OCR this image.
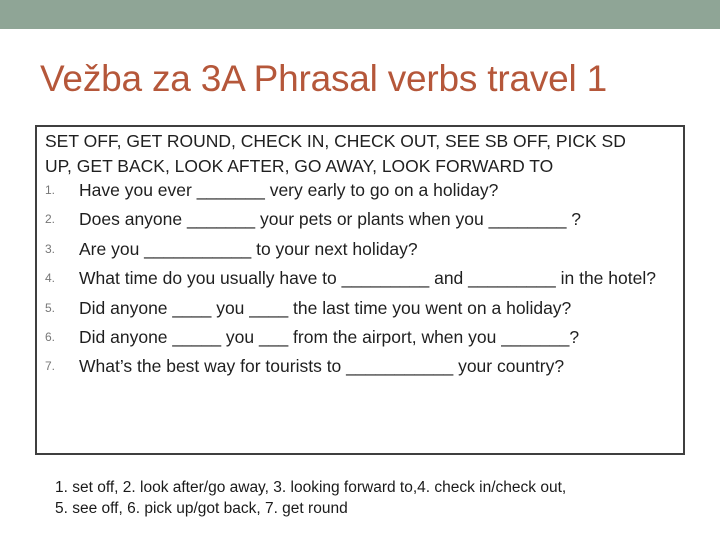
Vežba za 3A Phrasal verbs travel 1
SET OFF, GET ROUND, CHECK IN, CHECK OUT, SEE SB OFF, PICK SD UP, GET BACK, LOOK AFTER, GO AWAY, LOOK FORWARD TO
1. Have you ever _______ very early to go on a holiday?
2. Does anyone _______ your pets or plants when you ________ ?
3. Are you ___________ to your next holiday?
4. What time do you usually have to _________ and _________ in the hotel?
5. Did anyone ____ you ____ the last time you went on a holiday?
6. Did anyone _____ you ___ from the airport, when you _______?
7. What’s the best way for tourists to ___________ your country?
1. set off, 2. look after/go away, 3. looking forward to,4. check in/check out, 5. see off, 6. pick up/got back, 7. get round
